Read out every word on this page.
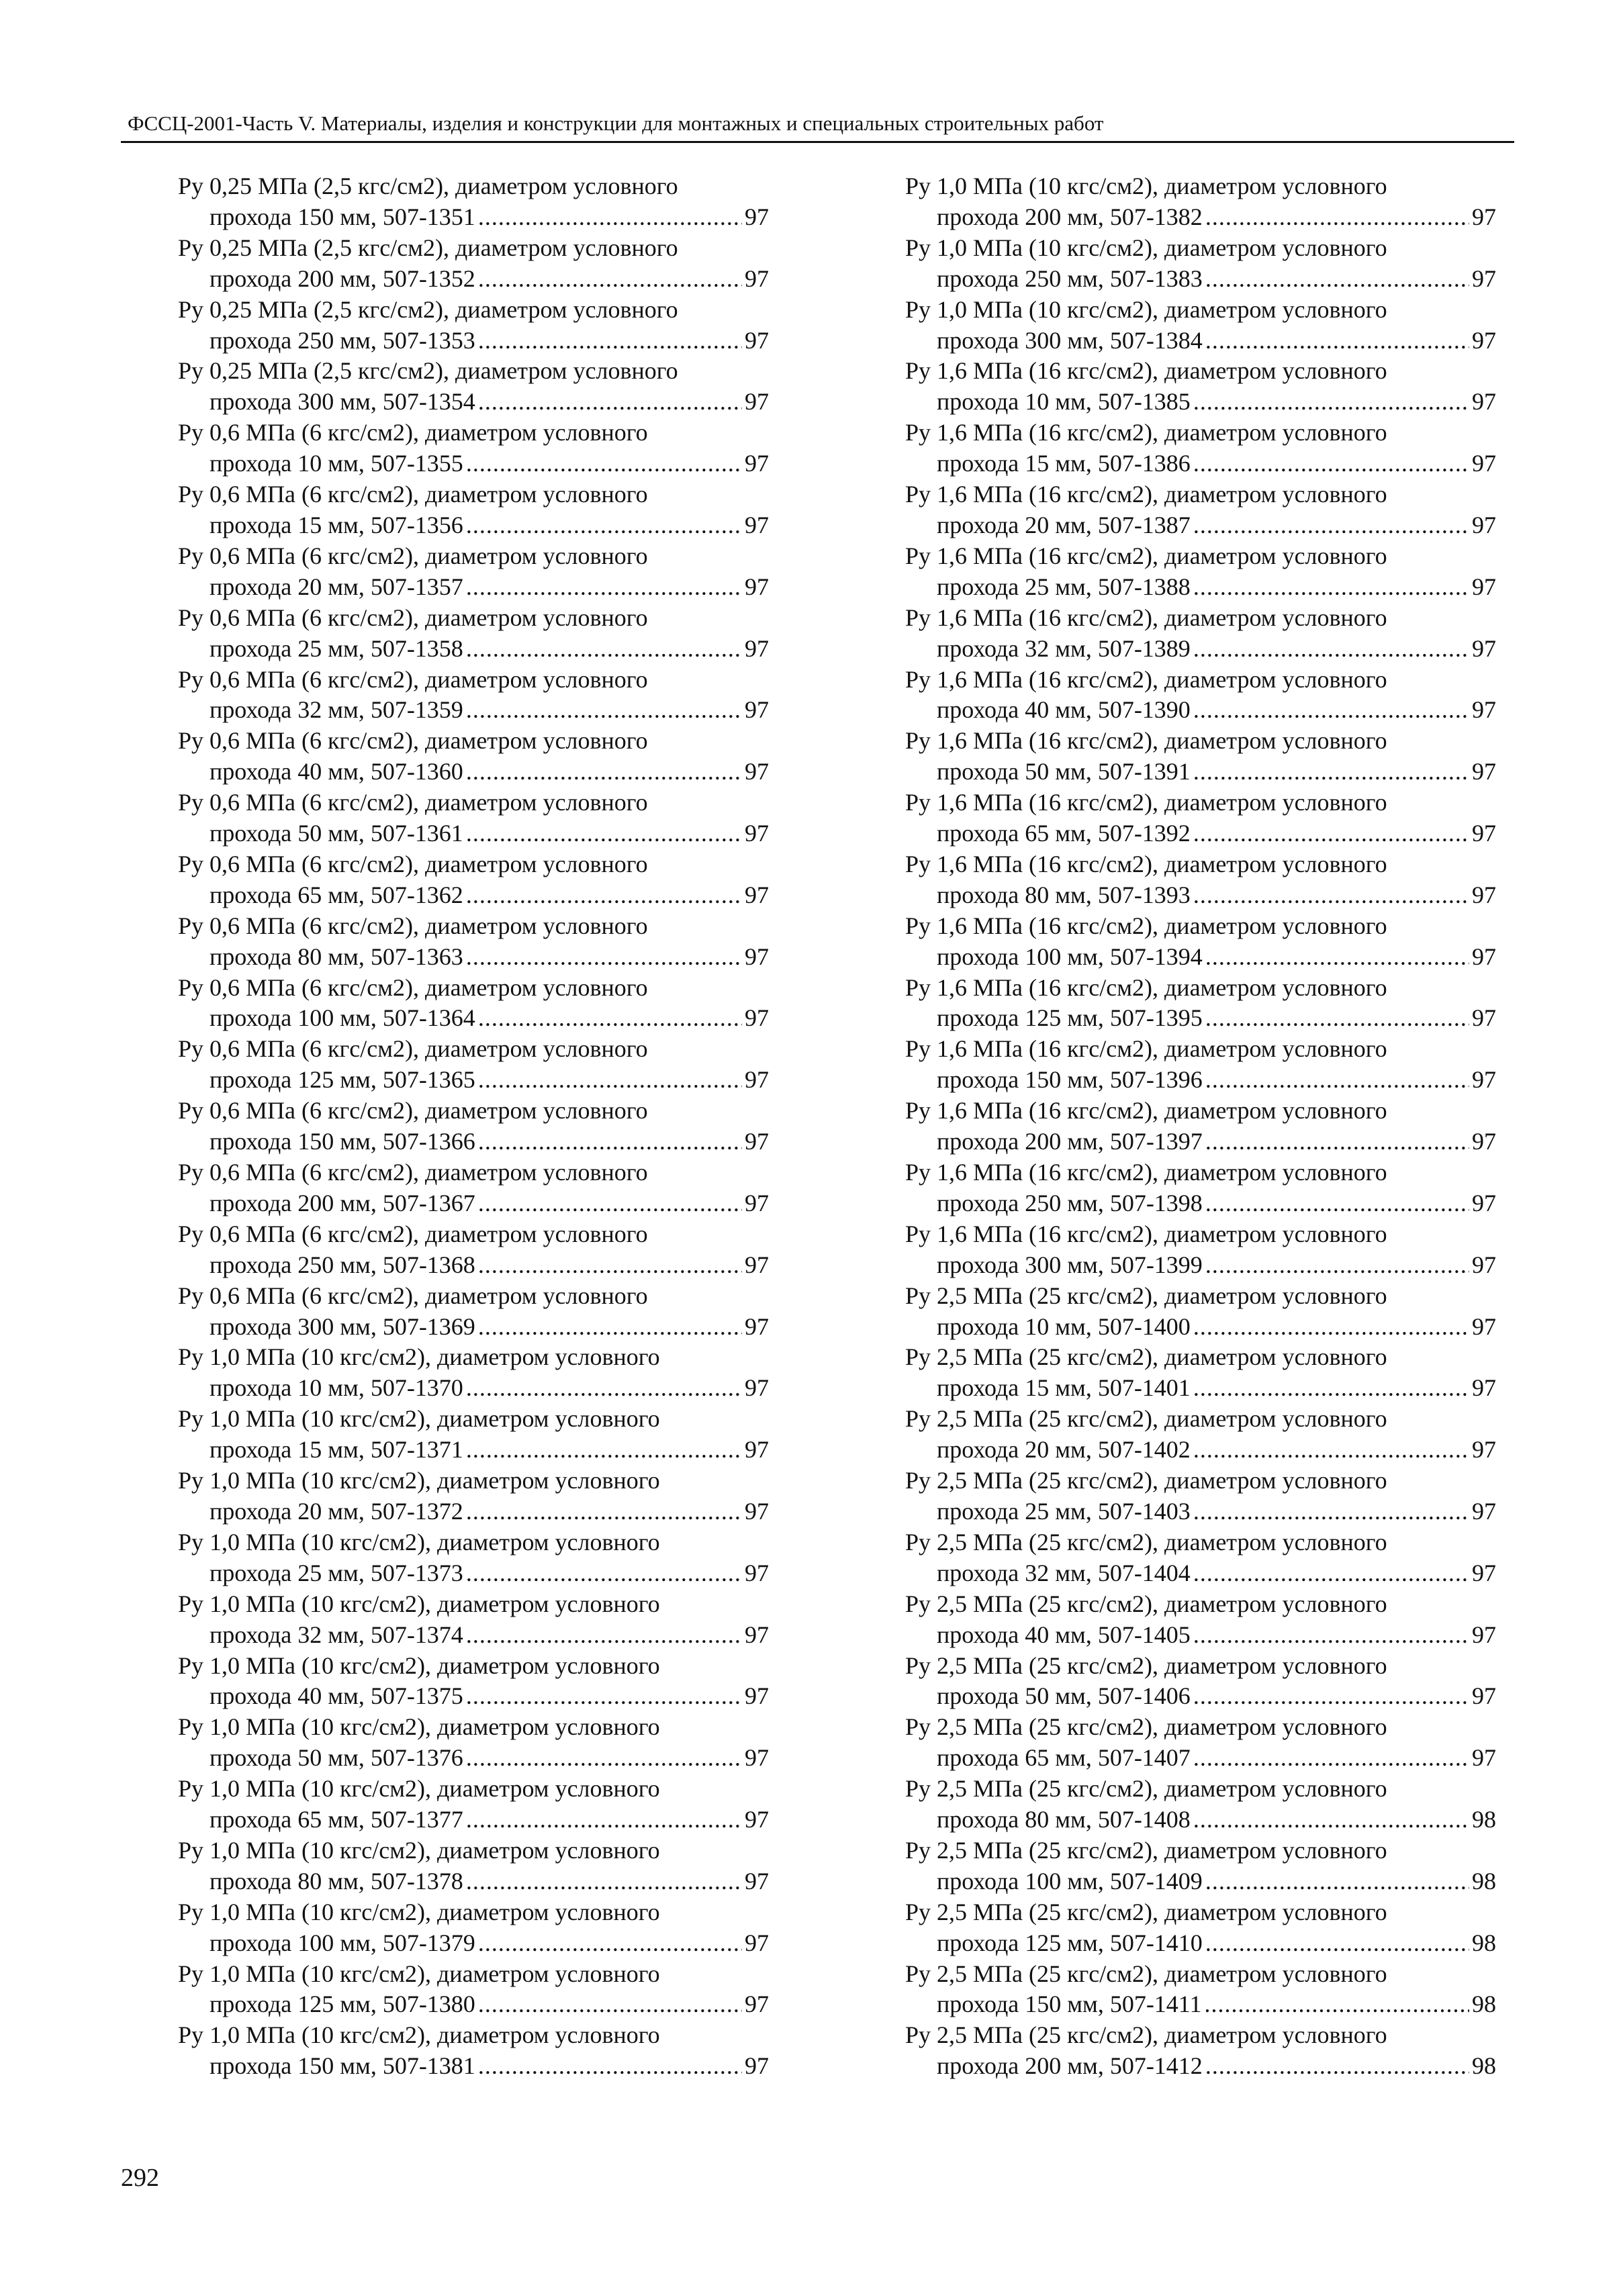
ФССЦ-2001-Часть V. Материалы, изделия и конструкции для монтажных и специальных строительных работ
Ру 0,25 МПа (2,5 кгс/см2), диаметром условного
прохода 150 мм, 507-1351 .....	97
Ру 0,25 МПа (2,5 кгс/см2), диаметром условного
прохода 200 мм, 507-1352 .....	97
Ру 0,25 МПа (2,5 кгс/см2), диаметром условного
прохода 250 мм, 507-1353 .....	97
Ру 0,25 МПа (2,5 кгс/см2), диаметром условного
прохода 300 мм, 507-1354 .....	97
Ру 0,6 МПа (6 кгс/см2), диаметром условного
прохода 10 мм, 507-1355 .....	97
Ру 0,6 МПа (6 кгс/см2), диаметром условного
прохода 15 мм, 507-1356 .....	97
Ру 0,6 МПа (6 кгс/см2), диаметром условного
прохода 20 мм, 507-1357 .....	97
Ру 0,6 МПа (6 кгс/см2), диаметром условного
прохода 25 мм, 507-1358 .....	97
Ру 0,6 МПа (6 кгс/см2), диаметром условного
прохода 32 мм, 507-1359 .....	97
Ру 0,6 МПа (6 кгс/см2), диаметром условного
прохода 40 мм, 507-1360 .....	97
Ру 0,6 МПа (6 кгс/см2), диаметром условного
прохода 50 мм, 507-1361 .....	97
Ру 0,6 МПа (6 кгс/см2), диаметром условного
прохода 65 мм, 507-1362 .....	97
Ру 0,6 МПа (6 кгс/см2), диаметром условного
прохода 80 мм, 507-1363 .....	97
Ру 0,6 МПа (6 кгс/см2), диаметром условного
прохода 100 мм, 507-1364 .....	97
Ру 0,6 МПа (6 кгс/см2), диаметром условного
прохода 125 мм, 507-1365 .....	97
Ру 0,6 МПа (6 кгс/см2), диаметром условного
прохода 150 мм, 507-1366 .....	97
Ру 0,6 МПа (6 кгс/см2), диаметром условного
прохода 200 мм, 507-1367 .....	97
Ру 0,6 МПа (6 кгс/см2), диаметром условного
прохода 250 мм, 507-1368 .....	97
Ру 0,6 МПа (6 кгс/см2), диаметром условного
прохода 300 мм, 507-1369 .....	97
Ру 1,0 МПа (10 кгс/см2), диаметром условного
прохода 10 мм, 507-1370 .....	97
Ру 1,0 МПа (10 кгс/см2), диаметром условного
прохода 15 мм, 507-1371 .....	97
Ру 1,0 МПа (10 кгс/см2), диаметром условного
прохода 20 мм, 507-1372 .....	97
Ру 1,0 МПа (10 кгс/см2), диаметром условного
прохода 25 мм, 507-1373 .....	97
Ру 1,0 МПа (10 кгс/см2), диаметром условного
прохода 32 мм, 507-1374 .....	97
Ру 1,0 МПа (10 кгс/см2), диаметром условного
прохода 40 мм, 507-1375 .....	97
Ру 1,0 МПа (10 кгс/см2), диаметром условного
прохода 50 мм, 507-1376 .....	97
Ру 1,0 МПа (10 кгс/см2), диаметром условного
прохода 65 мм, 507-1377 .....	97
Ру 1,0 МПа (10 кгс/см2), диаметром условного
прохода 80 мм, 507-1378 .....	97
Ру 1,0 МПа (10 кгс/см2), диаметром условного
прохода 100 мм, 507-1379 .....	97
Ру 1,0 МПа (10 кгс/см2), диаметром условного
прохода 125 мм, 507-1380 .....	97
Ру 1,0 МПа (10 кгс/см2), диаметром условного
прохода 150 мм, 507-1381 .....	97
Ру 1,0 МПа (10 кгс/см2), диаметром условного
прохода 200 мм, 507-1382 .....	97
Ру 1,0 МПа (10 кгс/см2), диаметром условного
прохода 250 мм, 507-1383 .....	97
Ру 1,0 МПа (10 кгс/см2), диаметром условного
прохода 300 мм, 507-1384 .....	97
Ру 1,6 МПа (16 кгс/см2), диаметром условного
прохода 10 мм, 507-1385 .....	97
Ру 1,6 МПа (16 кгс/см2), диаметром условного
прохода 15 мм, 507-1386 .....	97
Ру 1,6 МПа (16 кгс/см2), диаметром условного
прохода 20 мм, 507-1387 .....	97
Ру 1,6 МПа (16 кгс/см2), диаметром условного
прохода 25 мм, 507-1388 .....	97
Ру 1,6 МПа (16 кгс/см2), диаметром условного
прохода 32 мм, 507-1389 .....	97
Ру 1,6 МПа (16 кгс/см2), диаметром условного
прохода 40 мм, 507-1390 .....	97
Ру 1,6 МПа (16 кгс/см2), диаметром условного
прохода 50 мм, 507-1391 .....	97
Ру 1,6 МПа (16 кгс/см2), диаметром условного
прохода 65 мм, 507-1392 .....	97
Ру 1,6 МПа (16 кгс/см2), диаметром условного
прохода 80 мм, 507-1393 .....	97
Ру 1,6 МПа (16 кгс/см2), диаметром условного
прохода 100 мм, 507-1394 .....	97
Ру 1,6 МПа (16 кгс/см2), диаметром условного
прохода 125 мм, 507-1395 .....	97
Ру 1,6 МПа (16 кгс/см2), диаметром условного
прохода 150 мм, 507-1396 .....	97
Ру 1,6 МПа (16 кгс/см2), диаметром условного
прохода 200 мм, 507-1397 .....	97
Ру 1,6 МПа (16 кгс/см2), диаметром условного
прохода 250 мм, 507-1398 .....	97
Ру 1,6 МПа (16 кгс/см2), диаметром условного
прохода 300 мм, 507-1399 .....	97
Ру 2,5 МПа (25 кгс/см2), диаметром условного
прохода 10 мм, 507-1400 .....	97
Ру 2,5 МПа (25 кгс/см2), диаметром условного
прохода 15 мм, 507-1401 .....	97
Ру 2,5 МПа (25 кгс/см2), диаметром условного
прохода 20 мм, 507-1402 .....	97
Ру 2,5 МПа (25 кгс/см2), диаметром условного
прохода 25 мм, 507-1403 .....	97
Ру 2,5 МПа (25 кгс/см2), диаметром условного
прохода 32 мм, 507-1404 .....	97
Ру 2,5 МПа (25 кгс/см2), диаметром условного
прохода 40 мм, 507-1405 .....	97
Ру 2,5 МПа (25 кгс/см2), диаметром условного
прохода 50 мм, 507-1406 .....	97
Ру 2,5 МПа (25 кгс/см2), диаметром условного
прохода 65 мм, 507-1407 .....	97
Ру 2,5 МПа (25 кгс/см2), диаметром условного
прохода 80 мм, 507-1408 .....	98
Ру 2,5 МПа (25 кгс/см2), диаметром условного
прохода 100 мм, 507-1409 .....	98
Ру 2,5 МПа (25 кгс/см2), диаметром условного
прохода 125 мм, 507-1410 .....	98
Ру 2,5 МПа (25 кгс/см2), диаметром условного
прохода 150 мм, 507-1411 .....	98
Ру 2,5 МПа (25 кгс/см2), диаметром условного
прохода 200 мм, 507-1412 .....	98
292
